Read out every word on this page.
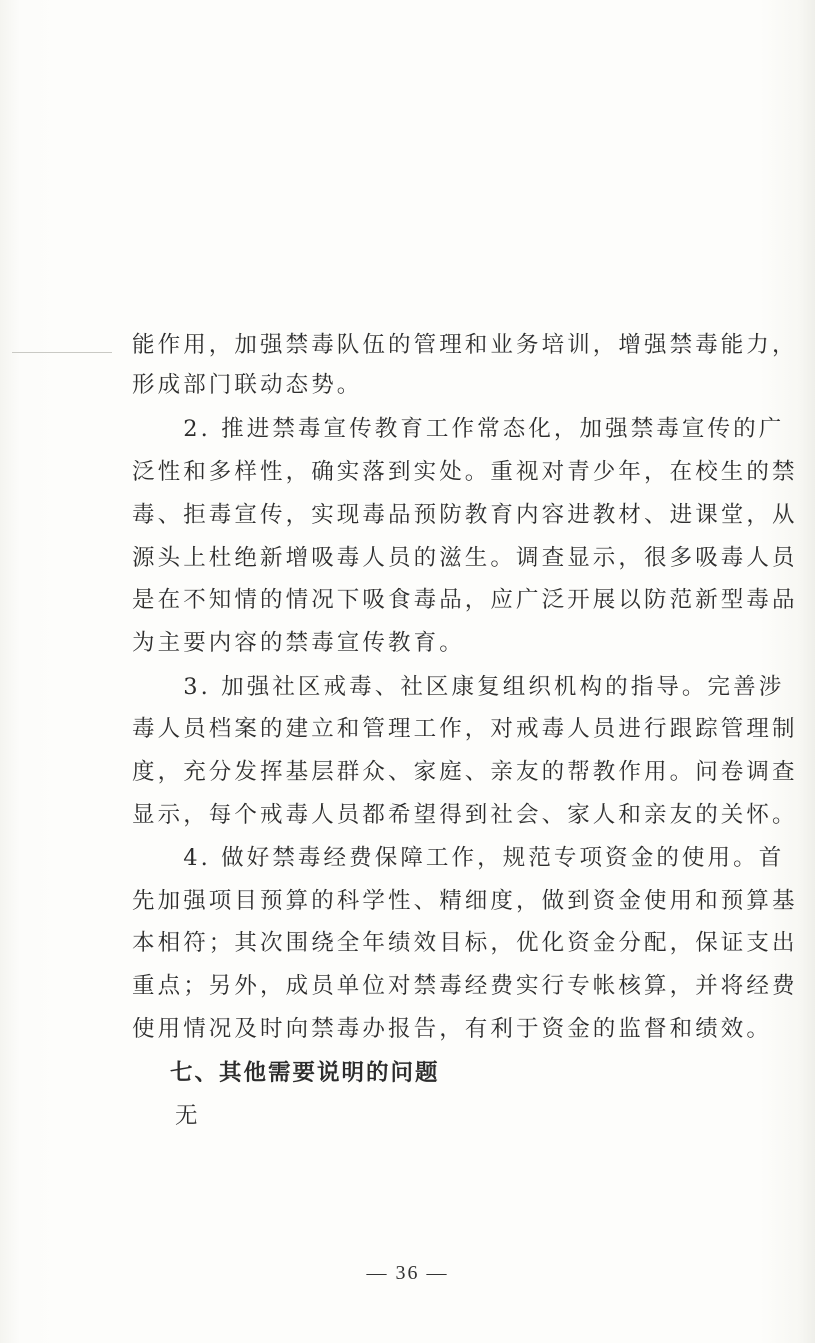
能作用，加强禁毒队伍的管理和业务培训，增强禁毒能力，
形成部门联动态势。
　　2. 推进禁毒宣传教育工作常态化，加强禁毒宣传的广
泛性和多样性，确实落到实处。重视对青少年，在校生的禁
毒、拒毒宣传，实现毒品预防教育内容进教材、进课堂，从
源头上杜绝新增吸毒人员的滋生。调查显示，很多吸毒人员
是在不知情的情况下吸食毒品，应广泛开展以防范新型毒品
为主要内容的禁毒宣传教育。
　　3. 加强社区戒毒、社区康复组织机构的指导。完善涉
毒人员档案的建立和管理工作，对戒毒人员进行跟踪管理制
度，充分发挥基层群众、家庭、亲友的帮教作用。问卷调查
显示，每个戒毒人员都希望得到社会、家人和亲友的关怀。
　　4. 做好禁毒经费保障工作，规范专项资金的使用。首
先加强项目预算的科学性、精细度，做到资金使用和预算基
本相符；其次围绕全年绩效目标，优化资金分配，保证支出
重点；另外，成员单位对禁毒经费实行专帐核算，并将经费
使用情况及时向禁毒办报告，有利于资金的监督和绩效。
七、其他需要说明的问题
无
— 36 —
